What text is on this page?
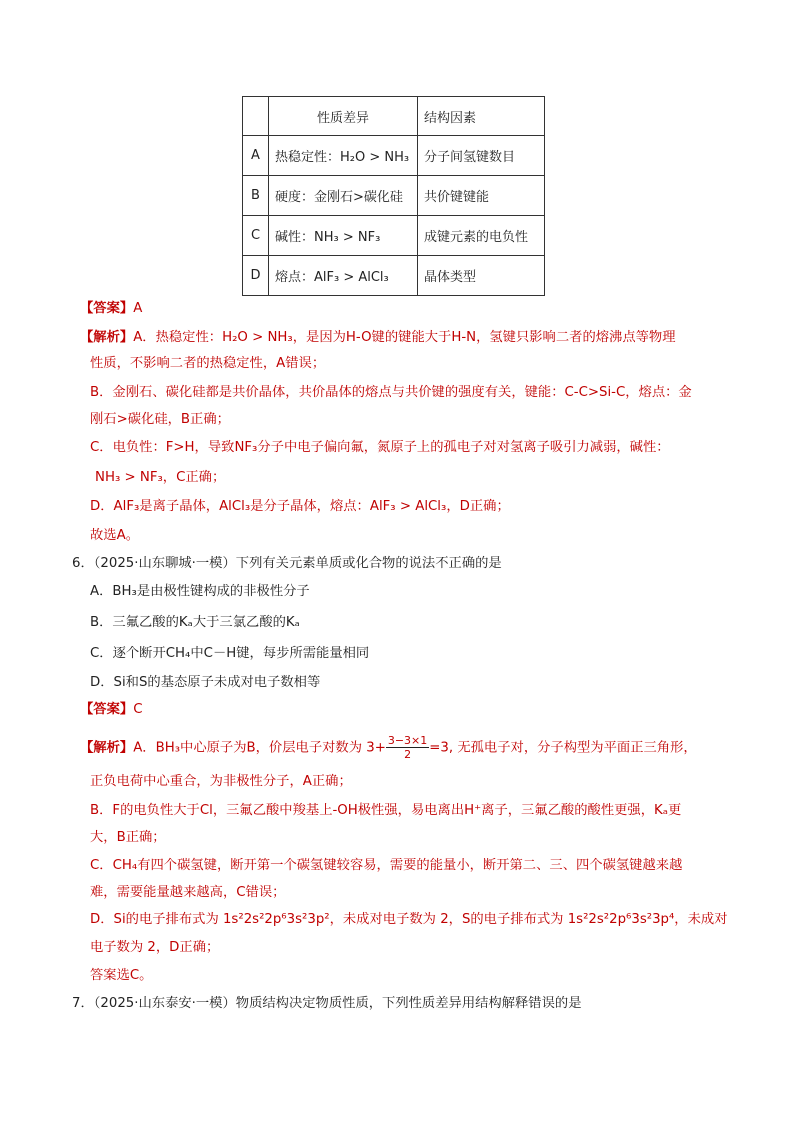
	性质差异	结构因素
A	热稳定性：H₂O > NH₃	分子间氢键数目
B	硬度：金刚石>碳化硅	共价键键能
C	碱性：NH₃ > NF₃	成键元素的电负性
D	熔点：AlF₃ > AlCl₃	晶体类型
【答案】A
【解析】A．热稳定性：H₂O > NH₃，是因为H-O键的键能大于H-N，氢键只影响二者的熔沸点等物理
性质，不影响二者的热稳定性，A错误；
B．金刚石、碳化硅都是共价晶体，共价晶体的熔点与共价键的强度有关，键能：C-C>Si-C，熔点：金
刚石>碳化硅，B正确；
C．电负性：F>H，导致NF₃分子中电子偏向氟，氮原子上的孤电子对对氢离子吸引力减弱，碱性：
NH₃ > NF₃，C正确；
D．AlF₃是离子晶体，AlCl₃是分子晶体，熔点：AlF₃ > AlCl₃，D正确；
故选A。
6．（2025·山东聊城·一模）下列有关元素单质或化合物的说法不正确的是
A．BH₃是由极性键构成的非极性分子
B．三氟乙酸的Kₐ大于三氯乙酸的Kₐ
C．逐个断开CH₄中C－H键，每步所需能量相同
D．Si和S的基态原子未成对电子数相等
【答案】C
【解析】A．BH₃中心原子为B，价层电子对数为 $3+ \frac{3-3\times 1}{2} =3$, 无孤电子对，分子构型为平面正三角形，
正负电荷中心重合，为非极性分子，A正确；
B．F的电负性大于Cl，三氟乙酸中羧基上-OH极性强，易电离出H⁺离子，三氟乙酸的酸性更强，Kₐ更
大，B正确；
C．CH₄有四个碳氢键，断开第一个碳氢键较容易，需要的能量小，断开第二、三、四个碳氢键越来越
难，需要能量越来越高，C错误；
D．Si的电子排布式为 1s²2s²2p⁶3s²3p²，未成对电子数为 2，S的电子排布式为 1s²2s²2p⁶3s²3p⁴，未成对
电子数为 2，D正确；
答案选C。
7．（2025·山东泰安·一模）物质结构决定物质性质，下列性质差异用结构解释错误的是
